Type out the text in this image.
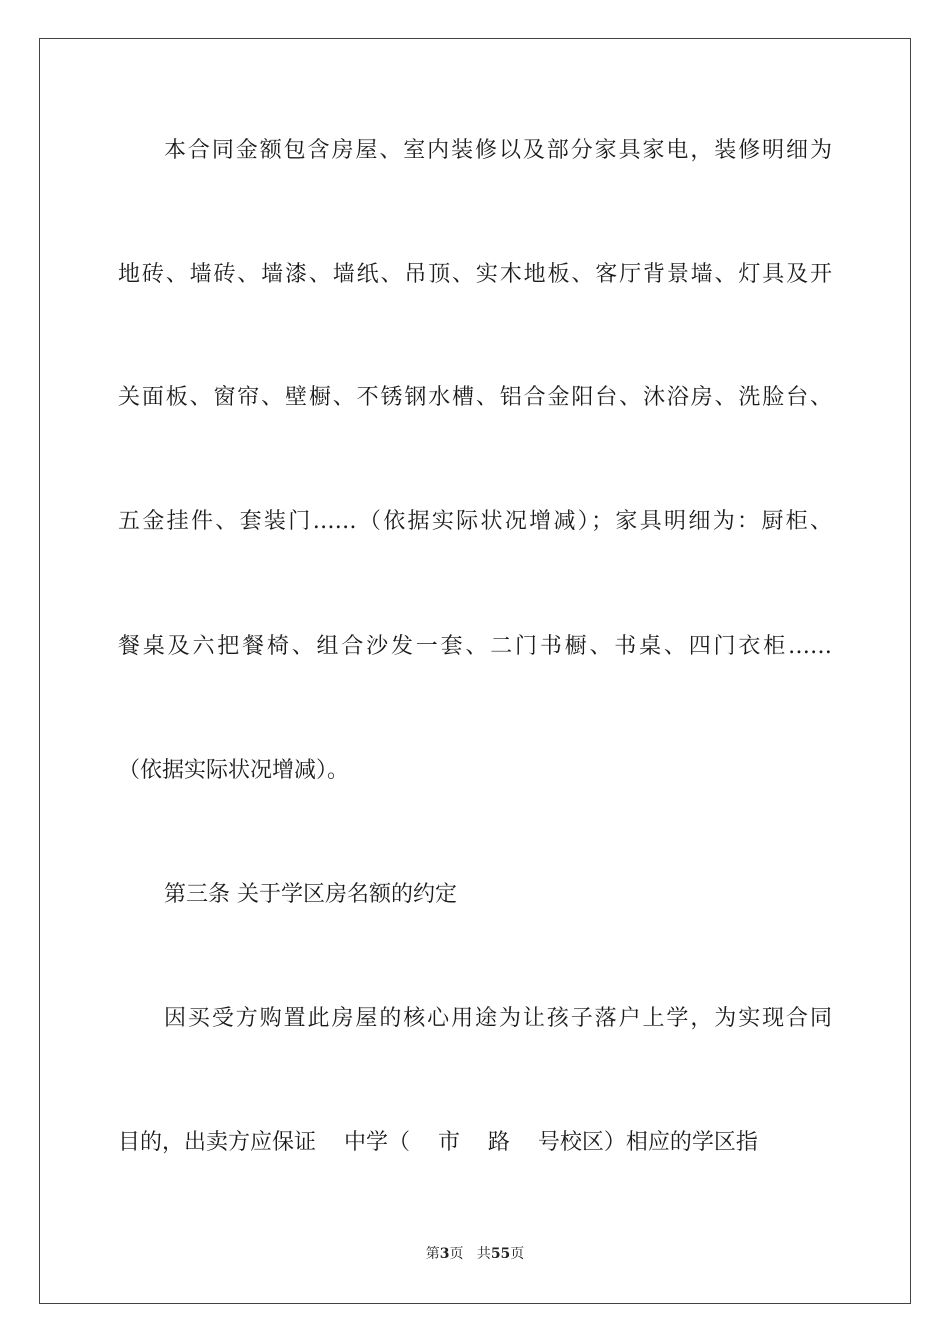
本合同金额包含房屋、室内装修以及部分家具家电，装修明细为
地砖、墙砖、墙漆、墙纸、吊顶、实木地板、客厅背景墙、灯具及开
关面板、窗帘、壁橱、不锈钢水槽、铝合金阳台、沐浴房、洗脸台、
五金挂件、套装门……（依据实际状况增减）；家具明细为：厨柜、
餐桌及六把餐椅、组合沙发一套、二门书橱、书桌、四门衣柜……
（依据实际状况增减）。
第三条 关于学区房名额的约定
因买受方购置此房屋的核心用途为让孩子落户上学，为实现合同
目的，出卖方应保证    中学（    市    路    号校区）相应的学区指
第3页 共55页
